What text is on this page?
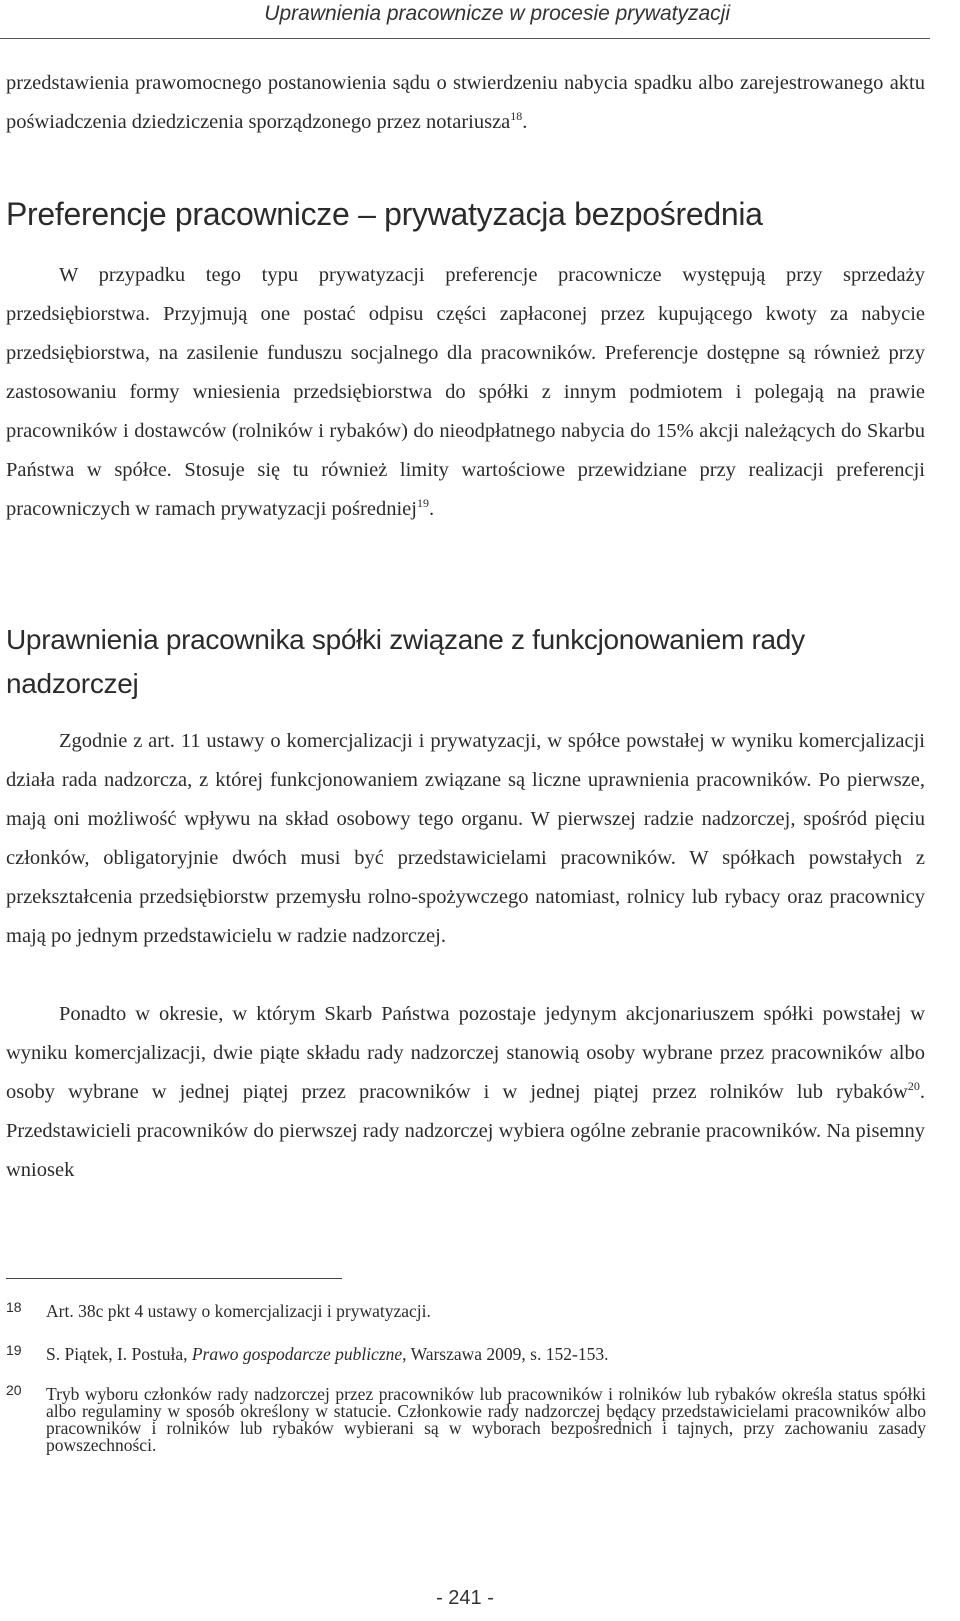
Uprawnienia pracownicze w procesie prywatyzacji

przedstawienia prawomocnego postanowienia sądu o stwierdzeniu nabycia spadku albo zarejestrowanego aktu poświadczenia dziedziczenia sporządzonego przez notariusza$^{18}$.

Preferencje pracownicze – prywatyzacja bezpośrednia

W przypadku tego typu prywatyzacji preferencje pracownicze występują przy sprzedaży przedsiębiorstwa. Przyjmują one postać odpisu części zapłaconej przez kupującego kwoty za nabycie przedsiębiorstwa, na zasilenie funduszu socjalnego dla pracowników. Preferencje dostępne są również przy zastosowaniu formy wniesienia przedsiębiorstwa do spółki z innym podmiotem i polegają na prawie pracowników i dostawców (rolników i rybaków) do nieodpłatnego nabycia do 15% akcji należących do Skarbu Państwa w spółce. Stosuje się tu również limity wartościowe przewidziane przy realizacji preferencji pracowniczych w ramach prywatyzacji pośredniej$^{19}$.

Uprawnienia pracownika spółki związane z funkcjonowaniem rady nadzorczej

Zgodnie z art. 11 ustawy o komercjalizacji i prywatyzacji, w spółce powstałej w wyniku komercjalizacji działa rada nadzorcza, z której funkcjonowaniem związane są liczne uprawnienia pracowników. Po pierwsze, mają oni możliwość wpływu na skład osobowy tego organu. W pierwszej radzie nadzorczej, spośród pięciu członków, obligatoryjnie dwóch musi być przedstawicielami pracowników. W spółkach powstałych z przekształcenia przedsiębiorstw przemysłu rolno-spożywczego natomiast, rolnicy lub rybacy oraz pracownicy mają po jednym przedstawicielu w radzie nadzorczej.

Ponadto w okresie, w którym Skarb Państwa pozostaje jedynym akcjonariuszem spółki powstałej w wyniku komercjalizacji, dwie piąte składu rady nadzorczej stanowią osoby wybrane przez pracowników albo osoby wybrane w jednej piątej przez pracowników i w jednej piątej przez rolników lub rybaków$^{20}$. Przedstawicieli pracowników do pierwszej rady nadzorczej wybiera ogólne zebranie pracowników. Na pisemny wniosek

18 Art. 38c pkt 4 ustawy o komercjalizacji i prywatyzacji.

19 S. Piątek, I. Postuła, Prawo gospodarcze publiczne, Warszawa 2009, s. 152-153.

20 Tryb wyboru członków rady nadzorczej przez pracowników lub pracowników i rolników lub rybaków określa status spółki albo regulaminy w sposób określony w statucie. Członkowie rady nadzorczej będący przedstawicielami pracowników albo pracowników i rolników lub rybaków wybierani są w wyborach bezpośrednich i tajnych, przy zachowaniu zasady powszechności.

- 241 -
